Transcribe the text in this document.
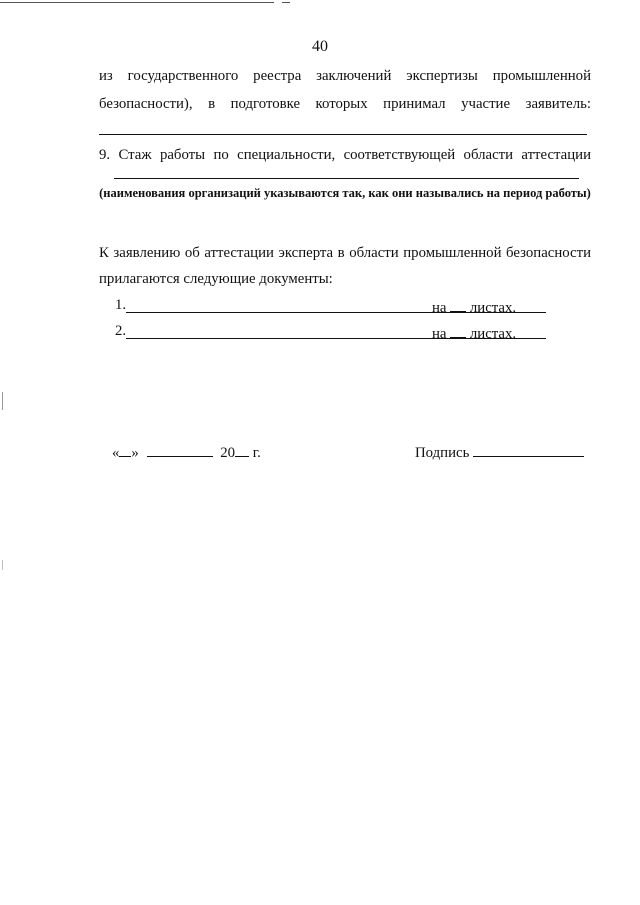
40
из государственного реестра заключений экспертизы промышленной
безопасности), в подготовке которых принимал участие заявитель:
9. Стаж работы по специальности, соответствующей области аттестации
(наименования организаций указываются так, как они назывались на период работы)
К заявлению об аттестации эксперта в области промышленной безопасности
прилагаются следующие документы:
1.	на листах.
2.	на листах.
« »	20 г.	Подпись
